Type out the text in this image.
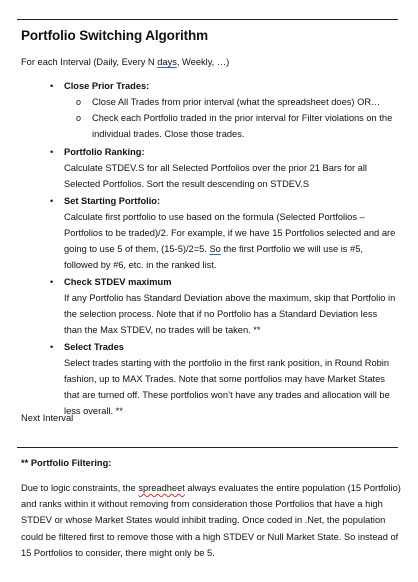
Portfolio Switching Algorithm
For each Interval (Daily, Every N days, Weekly, …)
• Close Prior Trades:
o Close All Trades from prior interval (what the spreadsheet does) OR…
o Check each Portfolio traded in the prior interval for Filter violations on the individual trades. Close those trades.
• Portfolio Ranking:
Calculate STDEV.S for all Selected Portfolios over the prior 21 Bars for all Selected Portfolios. Sort the result descending on STDEV.S
• Set Starting Portfolio:
Calculate first portfolio to use based on the formula (Selected Portfolios – Portfolios to be traded)/2. For example, if we have 15 Portfolios selected and are going to use 5 of them, (15-5)/2=5. So the first Portfolio we will use is #5, followed by #6, etc. in the ranked list.
• Check STDEV maximum
If any Portfolio has Standard Deviation above the maximum, skip that Portfolio in the selection process. Note that if no Portfolio has a Standard Deviation less than the Max STDEV, no trades will be taken. **
• Select Trades
Select trades starting with the portfolio in the first rank position, in Round Robin fashion, up to MAX Trades. Note that some portfolios may have Market States that are turned off. These portfolios won’t have any trades and allocation will be less overall. **
Next Interval
** Portfolio Filtering:
Due to logic constraints, the spreadheet always evaluates the entire population (15 Portfolio) and ranks within it without removing from consideration those Portfolios that have a high STDEV or whose Market States would inhibit trading. Once coded in .Net, the population could be filtered first to remove those with a high STDEV or Null Market State. So instead of 15 Portfolios to consider, there might only be 5.
